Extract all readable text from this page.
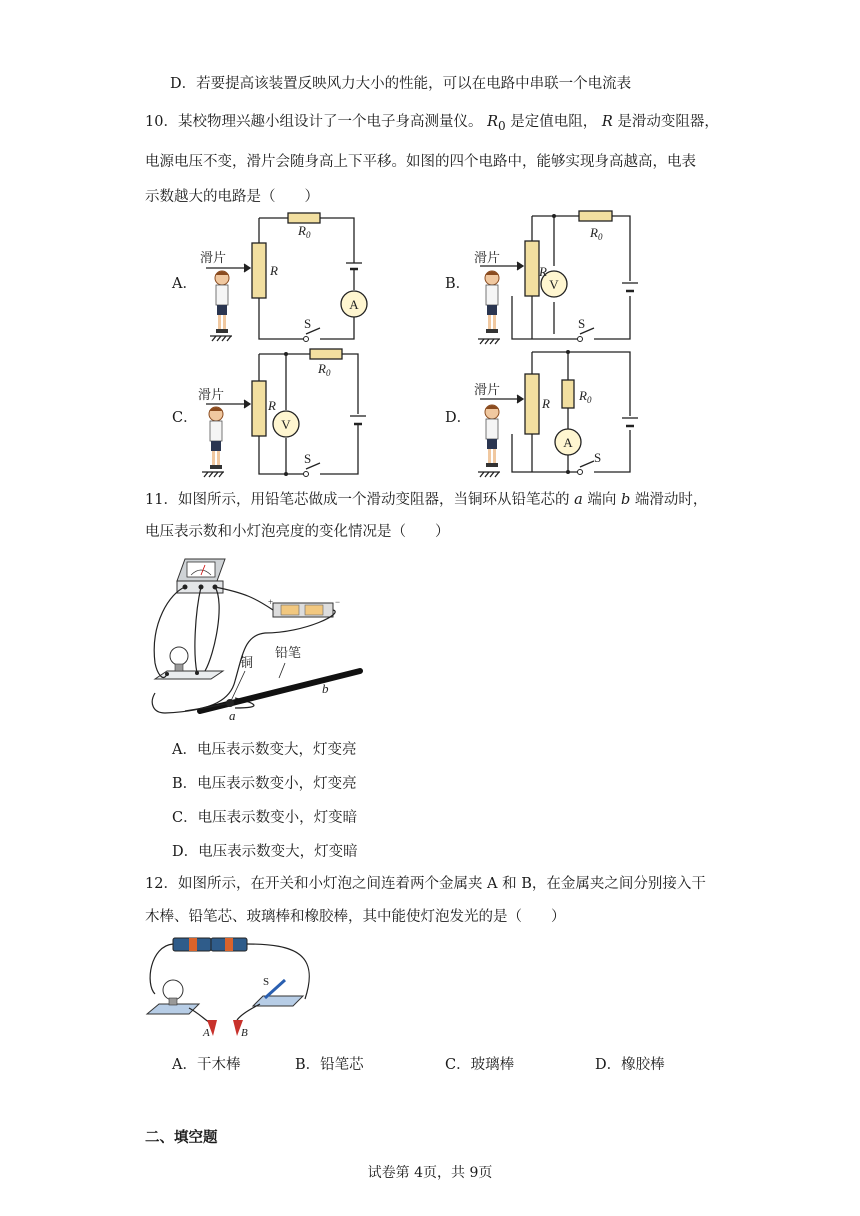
D．若要提高该装置反映风力大小的性能，可以在电路中串联一个电流表
10．某校物理兴趣小组设计了一个电子身高测量仪。 $R_0$ 是定值电阻， R 是滑动变阻器，
电源电压不变，滑片会随身高上下平移。如图的四个电路中，能够实现身高越高，电表
示数越大的电路是（　　）
A．	B．
C．	D．
A
$R_0$
R
S
滑片
V
$R_0$
R
S
滑片
V
$R_0$
R
S
滑片
A
$R_0$
R
S
滑片
11．如图所示，用铅笔芯做成一个滑动变阻器，当铜环从铅笔芯的 a 端向 b 端滑动时，
电压表示数和小灯泡亮度的变化情况是（　　）
+	−
铜
铅笔
a
b
A．电压表示数变大，灯变亮
B．电压表示数变小，灯变亮
C．电压表示数变小，灯变暗
D．电压表示数变大，灯变暗
12．如图所示，在开关和小灯泡之间连着两个金属夹 A 和 B，在金属夹之间分别接入干
木棒、铅笔芯、玻璃棒和橡胶棒，其中能使灯泡发光的是（　　）
S
A	B
A．干木棒	B．铅笔芯	C．玻璃棒	D．橡胶棒
二、填空题
试卷第 4页，共 9页
